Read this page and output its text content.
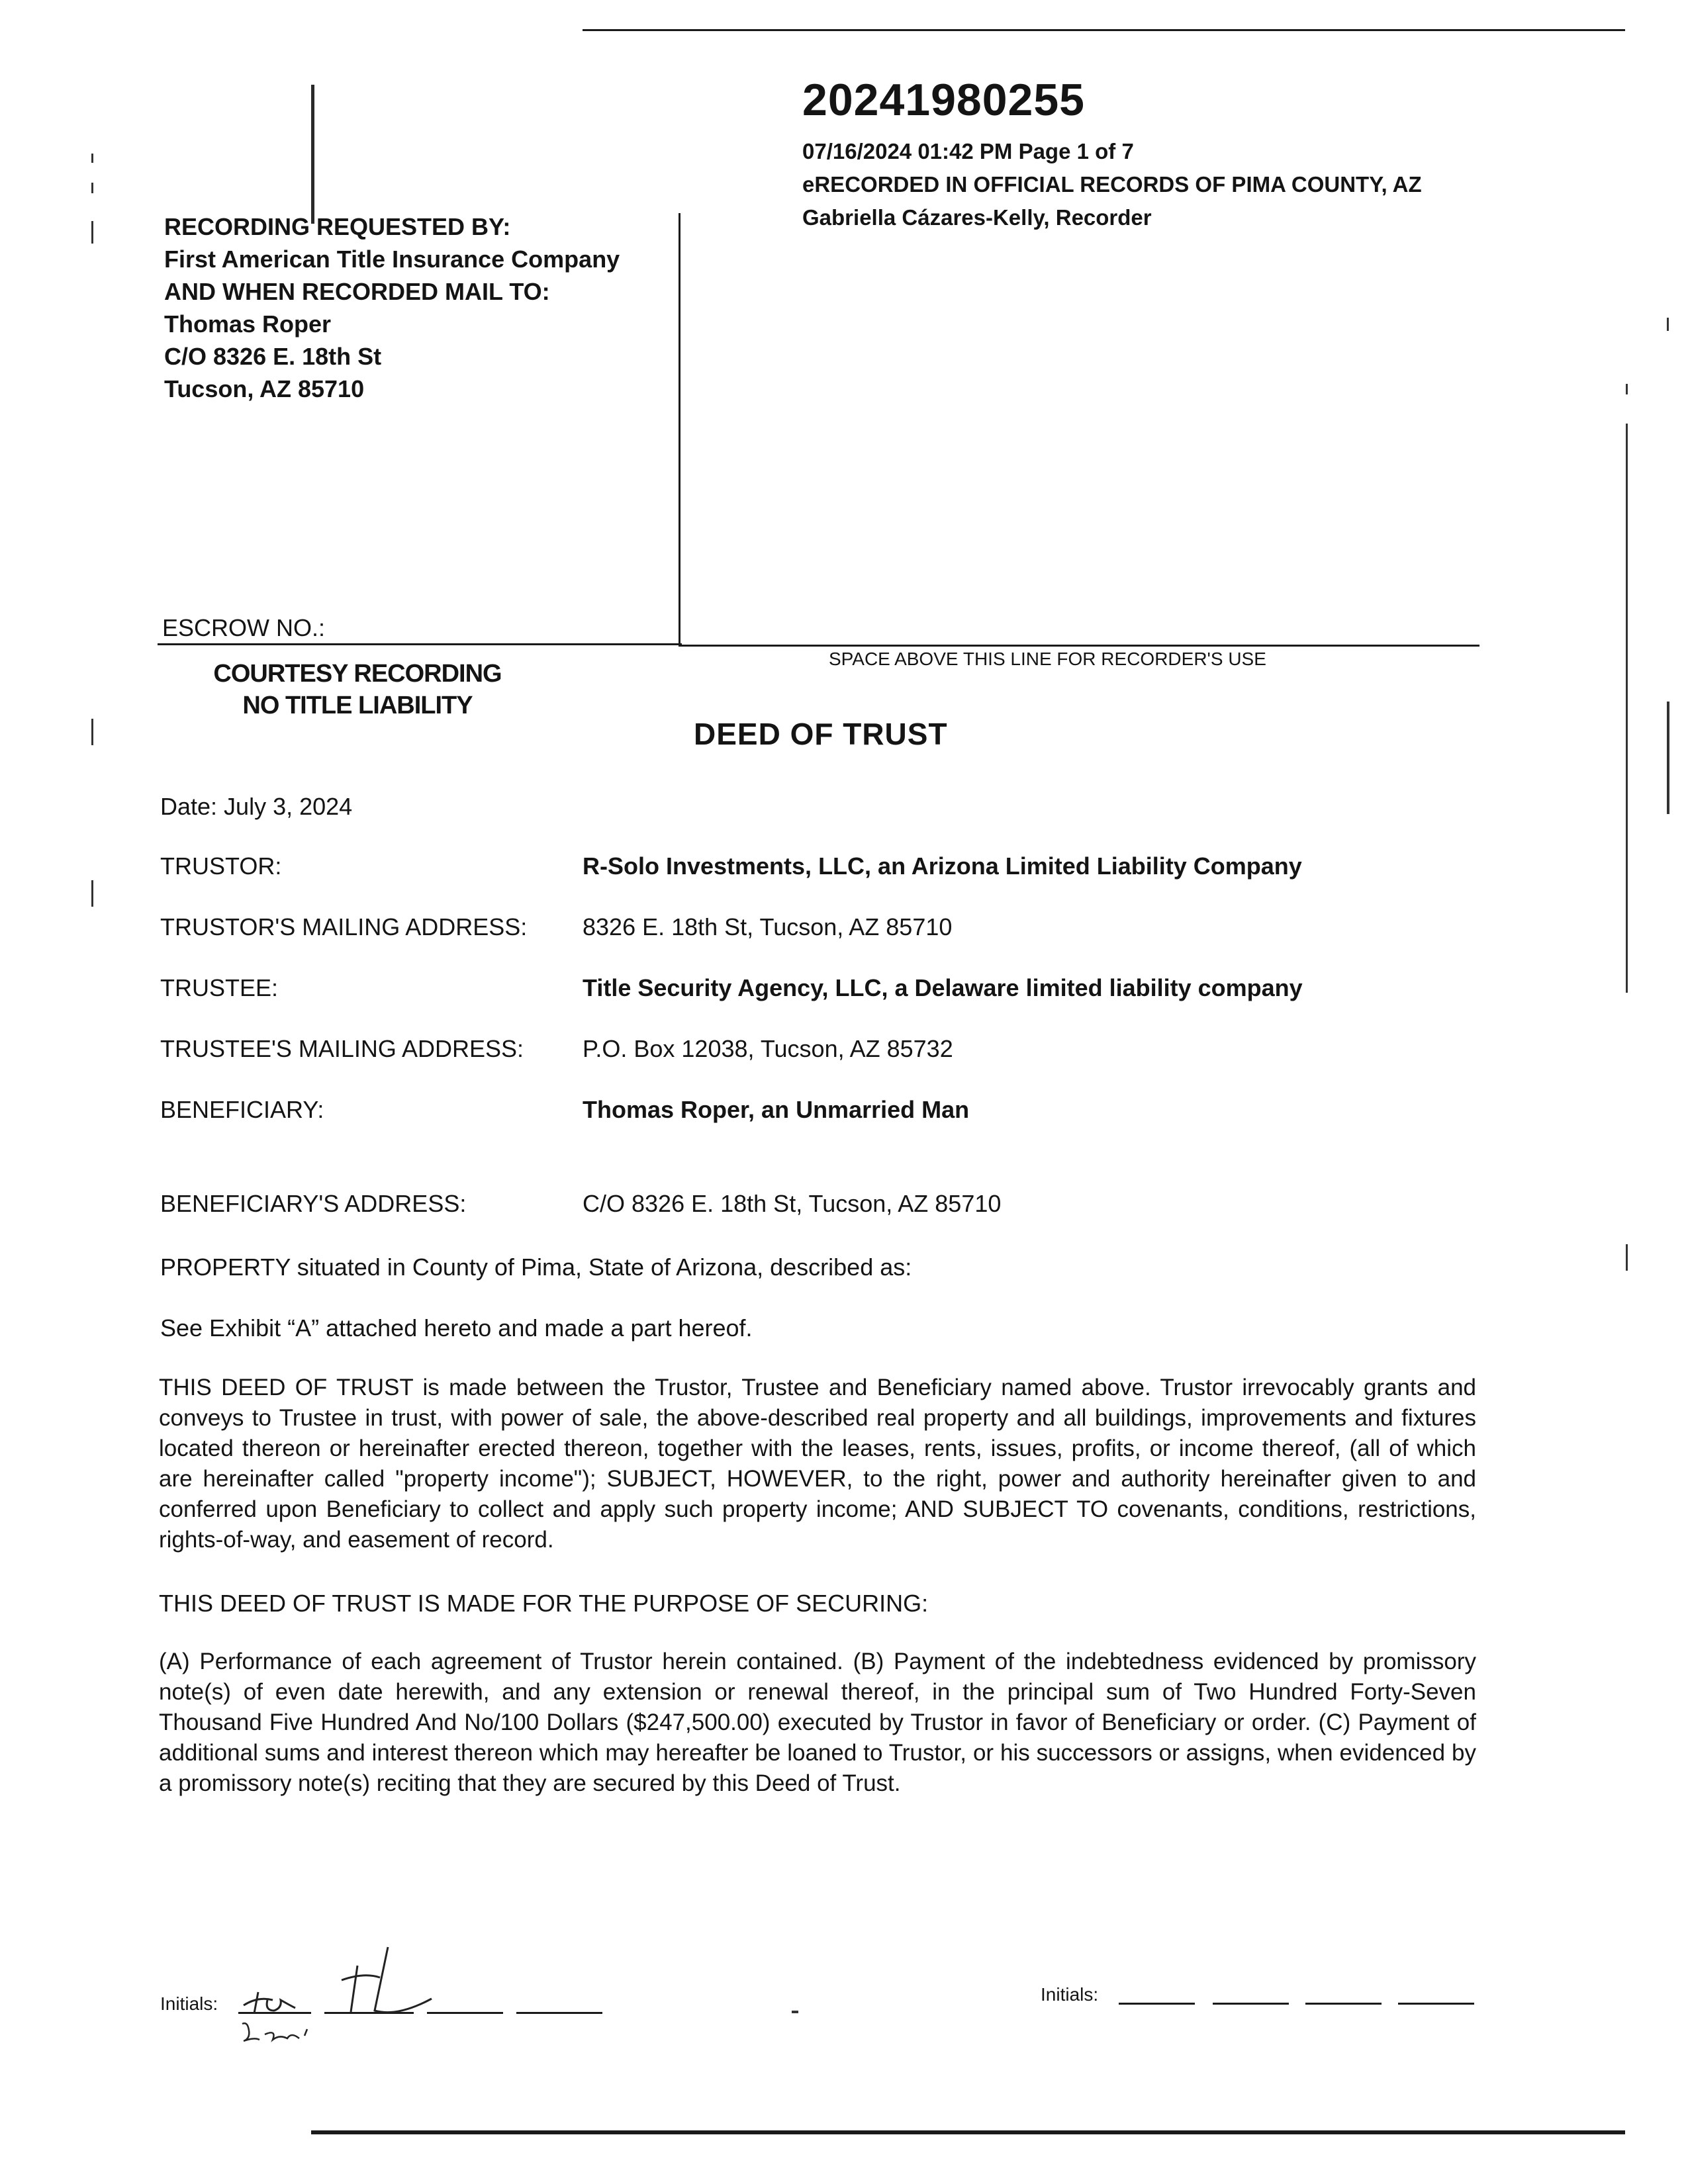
20241980255
07/16/2024 01:42 PM Page 1 of 7
eRECORDED IN OFFICIAL RECORDS OF PIMA COUNTY, AZ
Gabriella Cázares-Kelly, Recorder
RECORDING REQUESTED BY:
First American Title Insurance Company
AND WHEN RECORDED MAIL TO:
Thomas Roper
C/O 8326 E. 18th St
Tucson, AZ 85710
ESCROW NO.:
SPACE ABOVE THIS LINE FOR RECORDER'S USE
COURTESY RECORDING
NO TITLE LIABILITY
DEED OF TRUST
Date: July 3, 2024
TRUSTOR:	R-Solo Investments, LLC, an Arizona Limited Liability Company
TRUSTOR'S MAILING ADDRESS: 8326 E. 18th St, Tucson, AZ 85710
TRUSTEE:	Title Security Agency, LLC, a Delaware limited liability company
TRUSTEE'S MAILING ADDRESS: P.O. Box 12038, Tucson, AZ 85732
BENEFICIARY:	Thomas Roper, an Unmarried Man
BENEFICIARY'S ADDRESS:	C/O 8326 E. 18th St, Tucson, AZ 85710
PROPERTY situated in County of Pima, State of Arizona, described as:
See Exhibit “A” attached hereto and made a part hereof.
THIS DEED OF TRUST is made between the Trustor, Trustee and Beneficiary named above. Trustor irrevocably grants and conveys to Trustee in trust, with power of sale, the above-described real property and all buildings, improvements and fixtures located thereon or hereinafter erected thereon, together with the leases, rents, issues, profits, or income thereof, (all of which are hereinafter called "property income"); SUBJECT, HOWEVER, to the right, power and authority hereinafter given to and conferred upon Beneficiary to collect and apply such property income; AND SUBJECT TO covenants, conditions, restrictions, rights-of-way, and easement of record.
THIS DEED OF TRUST IS MADE FOR THE PURPOSE OF SECURING:
(A) Performance of each agreement of Trustor herein contained. (B) Payment of the indebtedness evidenced by promissory note(s) of even date herewith, and any extension or renewal thereof, in the principal sum of Two Hundred Forty-Seven Thousand Five Hundred And No/100 Dollars ($247,500.00) executed by Trustor in favor of Beneficiary or order. (C) Payment of additional sums and interest thereon which may hereafter be loaned to Trustor, or his successors or assigns, when evidenced by a promissory note(s) reciting that they are secured by this Deed of Trust.
Initials:	Initials:
